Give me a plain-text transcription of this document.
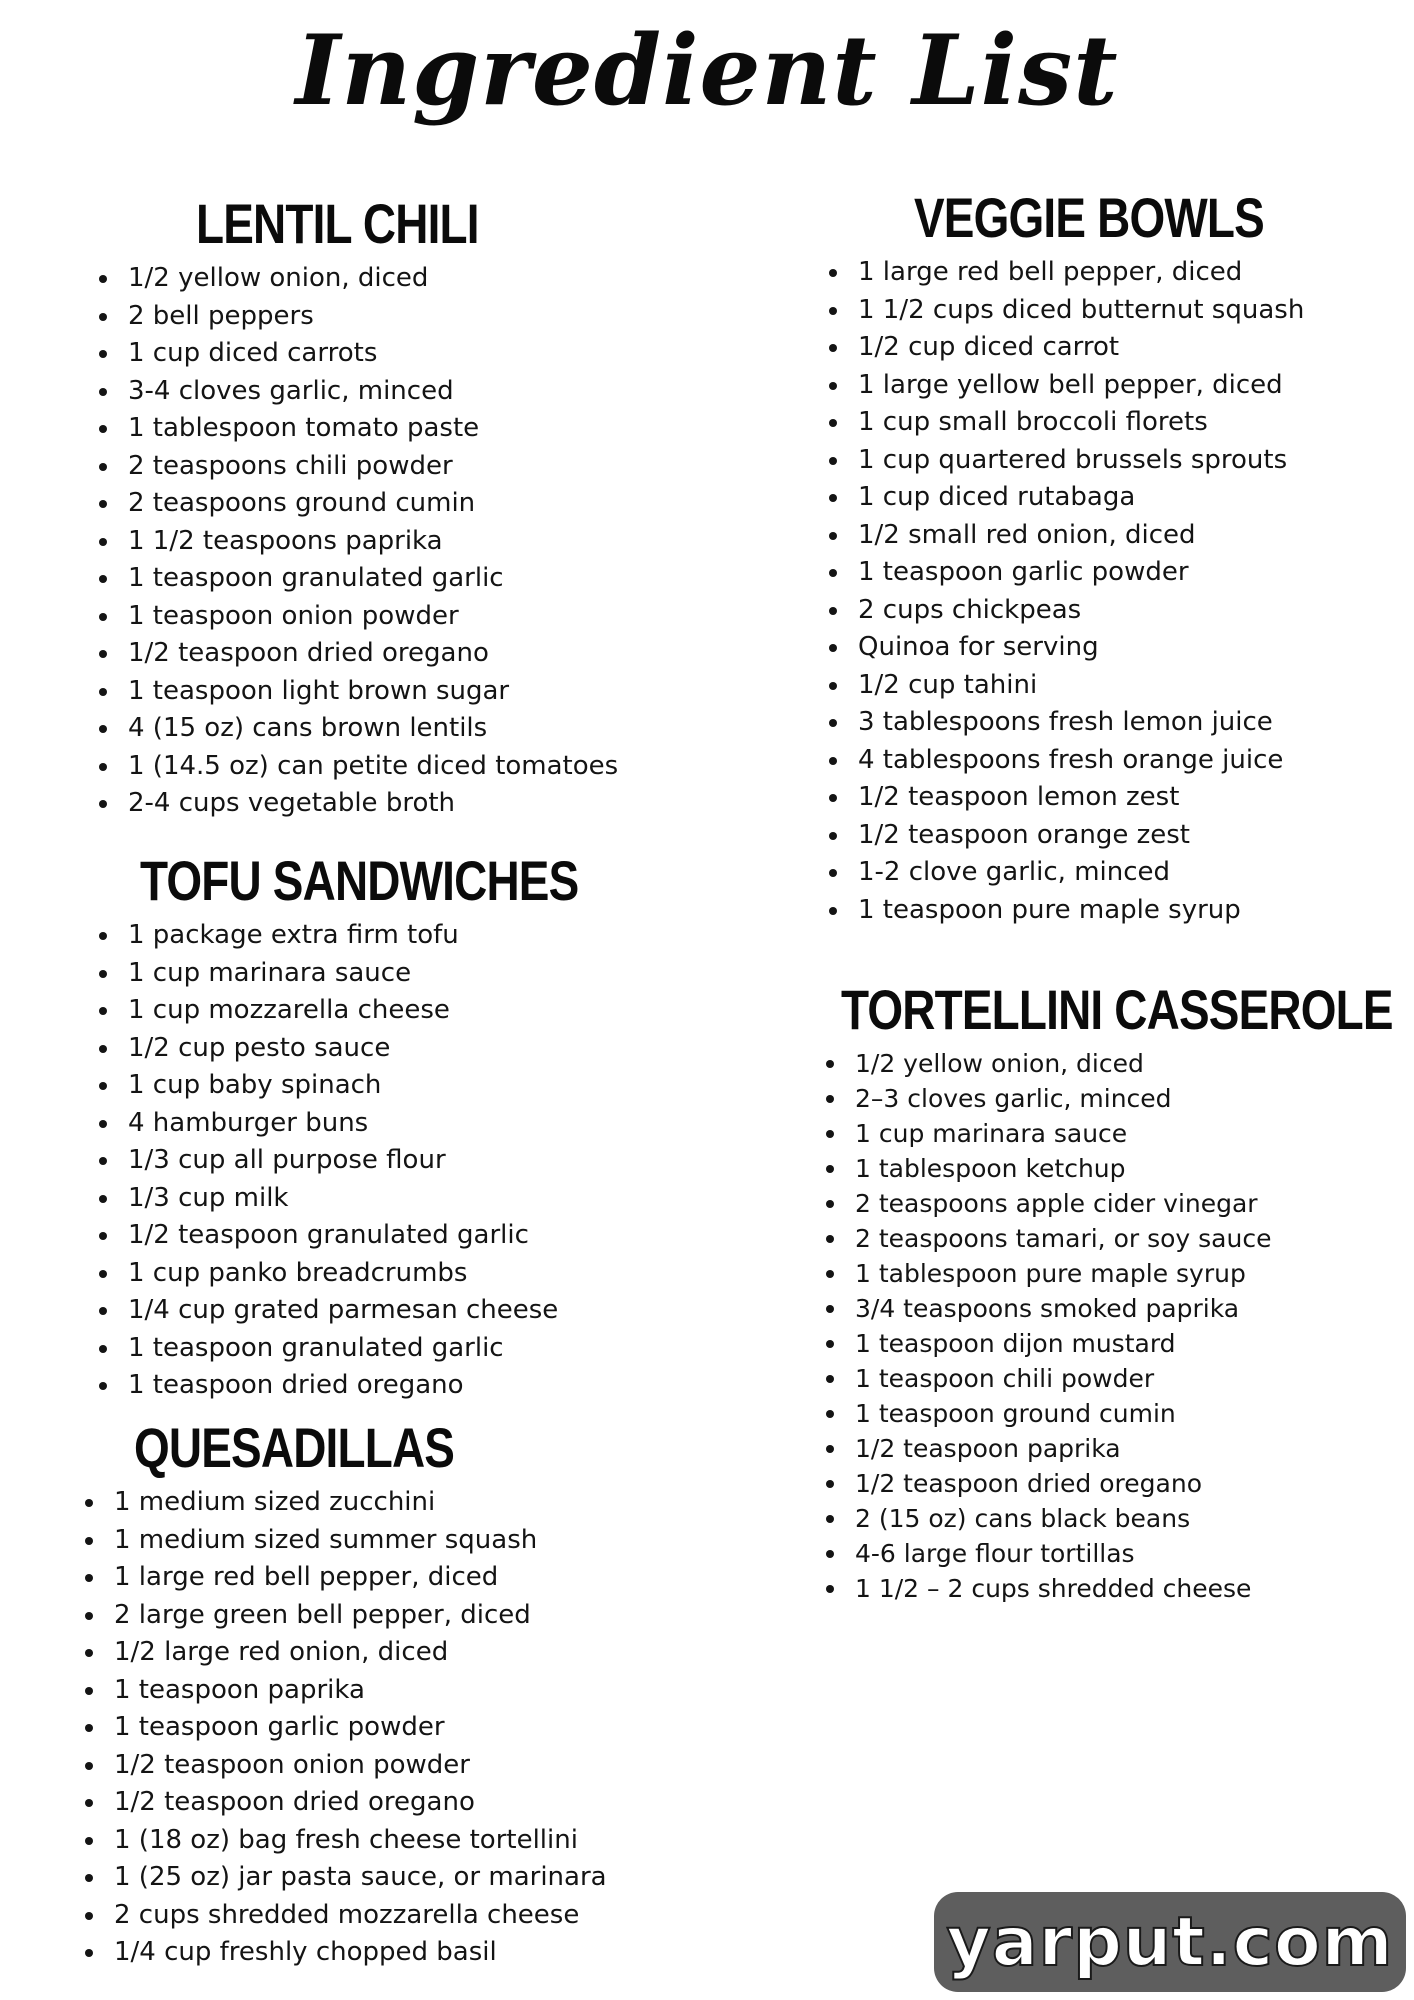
Ingredient List
LENTIL CHILI
1/2 yellow onion, diced
2 bell peppers
1 cup diced carrots
3-4 cloves garlic, minced
1 tablespoon tomato paste
2 teaspoons chili powder
2 teaspoons ground cumin
1 1/2 teaspoons paprika
1 teaspoon granulated garlic
1 teaspoon onion powder
1/2 teaspoon dried oregano
1 teaspoon light brown sugar
4 (15 oz) cans brown lentils
1 (14.5 oz) can petite diced tomatoes
2-4 cups vegetable broth
TOFU SANDWICHES
1 package extra firm tofu
1 cup marinara sauce
1 cup mozzarella cheese
1/2 cup pesto sauce
1 cup baby spinach
4 hamburger buns
1/3 cup all purpose flour
1/3 cup milk
1/2 teaspoon granulated garlic
1 cup panko breadcrumbs
1/4 cup grated parmesan cheese
1 teaspoon granulated garlic
1 teaspoon dried oregano
QUESADILLAS
1 medium sized zucchini
1 medium sized summer squash
1 large red bell pepper, diced
2 large green bell pepper, diced
1/2 large red onion, diced
1 teaspoon paprika
1 teaspoon garlic powder
1/2 teaspoon onion powder
1/2 teaspoon dried oregano
1 (18 oz) bag fresh cheese tortellini
1 (25 oz) jar pasta sauce, or marinara
2 cups shredded mozzarella cheese
1/4 cup freshly chopped basil
VEGGIE BOWLS
1 large red bell pepper, diced
1 1/2 cups diced butternut squash
1/2 cup diced carrot
1 large yellow bell pepper, diced
1 cup small broccoli florets
1 cup quartered brussels sprouts
1 cup diced rutabaga
1/2 small red onion, diced
1 teaspoon garlic powder
2 cups chickpeas
Quinoa for serving
1/2 cup tahini
3 tablespoons fresh lemon juice
4 tablespoons fresh orange juice
1/2 teaspoon lemon zest
1/2 teaspoon orange zest
1-2 clove garlic, minced
1 teaspoon pure maple syrup
TORTELLINI CASSEROLE
1/2 yellow onion, diced
2–3 cloves garlic, minced
1 cup marinara sauce
1 tablespoon ketchup
2 teaspoons apple cider vinegar
2 teaspoons tamari, or soy sauce
1 tablespoon pure maple syrup
3/4 teaspoons smoked paprika
1 teaspoon dijon mustard
1 teaspoon chili powder
1 teaspoon ground cumin
1/2 teaspoon paprika
1/2 teaspoon dried oregano
2 (15 oz) cans black beans
4-6 large flour tortillas
1 1/2 – 2 cups shredded cheese
yarput.com
